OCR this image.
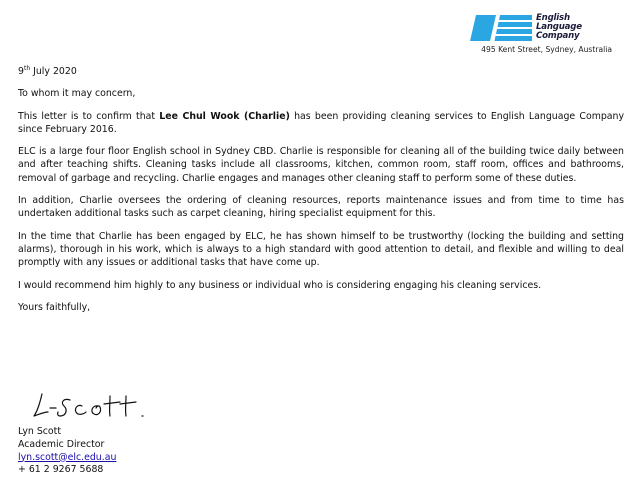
English
Language
Company
495 Kent Street, Sydney, Australia

9th July 2020

To whom it may concern,

This letter is to confirm that Lee Chul Wook (Charlie) has been providing cleaning services to English Language Company since February 2016.

ELC is a large four floor English school in Sydney CBD. Charlie is responsible for cleaning all of the building twice daily between and after teaching shifts. Cleaning tasks include all classrooms, kitchen, common room, staff room, offices and bathrooms, removal of garbage and recycling. Charlie engages and manages other cleaning staff to perform some of these duties.

In addition, Charlie oversees the ordering of cleaning resources, reports maintenance issues and from time to time has undertaken additional tasks such as carpet cleaning, hiring specialist equipment for this.

In the time that Charlie has been engaged by ELC, he has shown himself to be trustworthy (locking the building and setting alarms), thorough in his work, which is always to a high standard with good attention to detail, and flexible and willing to deal promptly with any issues or additional tasks that have come up.

I would recommend him highly to any business or individual who is considering engaging his cleaning services.

Yours faithfully,

Lyn Scott
Academic Director
lyn.scott@elc.edu.au
+ 61 2 9267 5688
